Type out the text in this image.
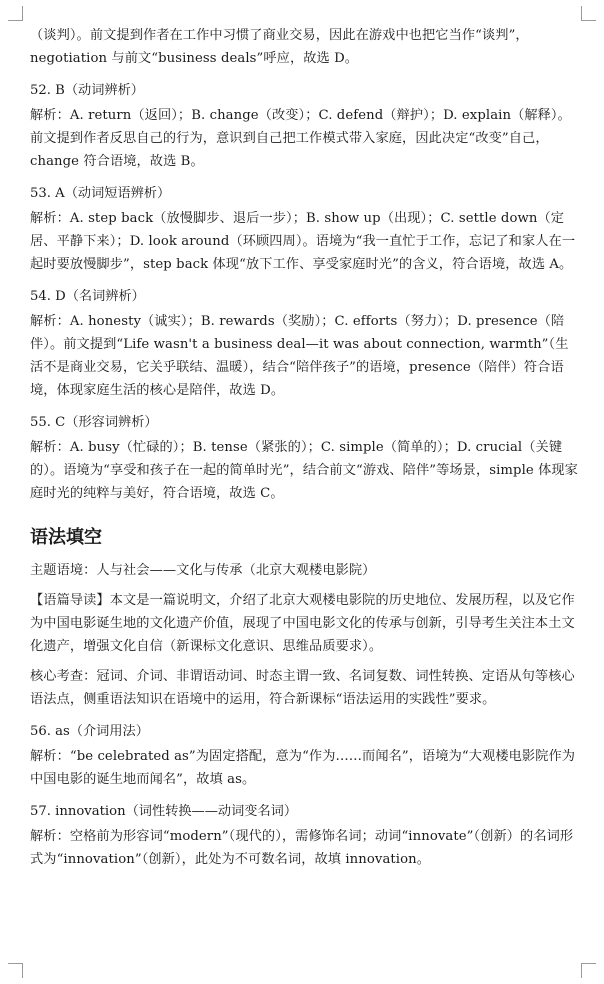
（谈判）。前文提到作者在工作中习惯了商业交易，因此在游戏中也把它当作“谈判”，negotiation 与前文“business deals”呼应，故选 D。

52. B（动词辨析）

解析：A. return（返回）；B. change（改变）；C. defend（辩护）；D. explain（解释）。前文提到作者反思自己的行为，意识到自己把工作模式带入家庭，因此决定“改变”自己，change 符合语境，故选 B。

53. A（动词短语辨析）

解析：A. step back（放慢脚步、退后一步）；B. show up（出现）；C. settle down（定居、平静下来）；D. look around（环顾四周）。语境为“我一直忙于工作，忘记了和家人在一起时要放慢脚步”，step back 体现“放下工作、享受家庭时光”的含义，符合语境，故选 A。

54. D（名词辨析）

解析：A. honesty（诚实）；B. rewards（奖励）；C. efforts（努力）；D. presence（陪伴）。前文提到“Life wasn't a business deal—it was about connection, warmth”（生活不是商业交易，它关乎联结、温暖），结合“陪伴孩子”的语境，presence（陪伴）符合语境，体现家庭生活的核心是陪伴，故选 D。

55. C（形容词辨析）

解析：A. busy（忙碌的）；B. tense（紧张的）；C. simple（简单的）；D. crucial（关键的）。语境为“享受和孩子在一起的简单时光”，结合前文“游戏、陪伴”等场景，simple 体现家庭时光的纯粹与美好，符合语境，故选 C。

语法填空

主题语境：人与社会——文化与传承（北京大观楼电影院）

【语篇导读】本文是一篇说明文，介绍了北京大观楼电影院的历史地位、发展历程，以及它作为中国电影诞生地的文化遗产价值，展现了中国电影文化的传承与创新，引导考生关注本土文化遗产，增强文化自信（新课标文化意识、思维品质要求）。

核心考查：冠词、介词、非谓语动词、时态主谓一致、名词复数、词性转换、定语从句等核心语法点，侧重语法知识在语境中的运用，符合新课标“语法运用的实践性”要求。

56. as（介词用法）

解析：“be celebrated as”为固定搭配，意为“作为……而闻名”，语境为“大观楼电影院作为中国电影的诞生地而闻名”，故填 as。

57. innovation（词性转换——动词变名词）

解析：空格前为形容词“modern”（现代的），需修饰名词；动词“innovate”（创新）的名词形式为“innovation”（创新），此处为不可数名词，故填 innovation。
